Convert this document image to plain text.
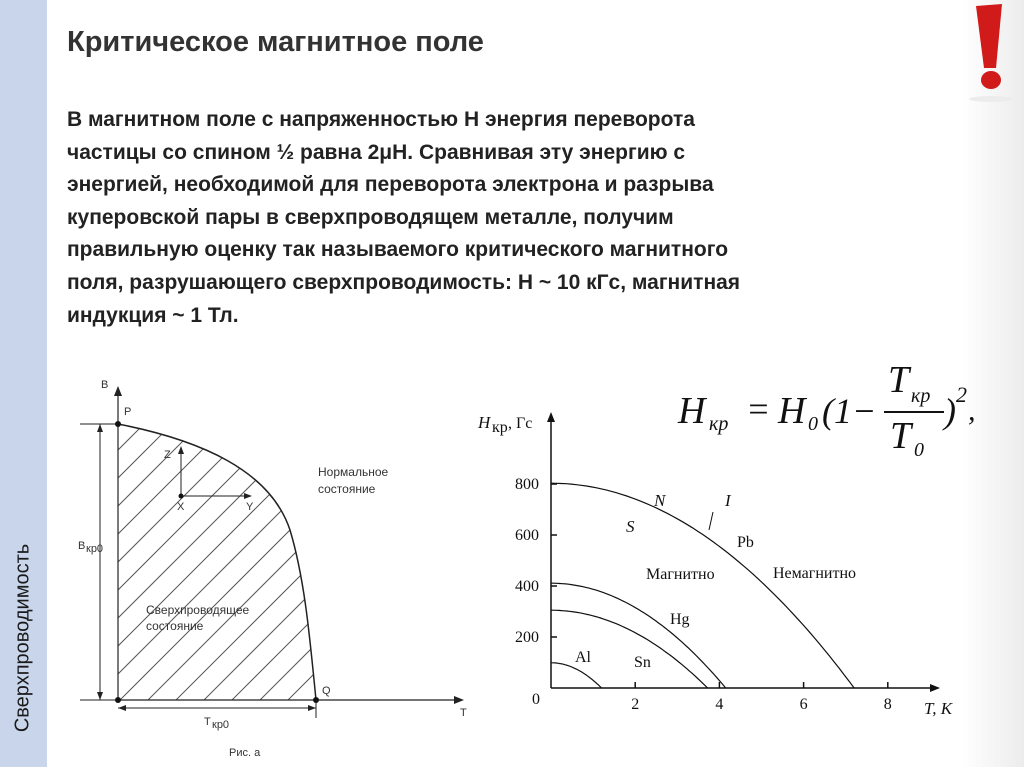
Сверхпроводимость
Критическое магнитное поле
В магнитном поле с напряженностью Н энергия переворота
частицы со спином ½ равна 2μН. Сравнивая эту энергию с
энергией, необходимой для переворота электрона и разрыва
куперовской пары в сверхпроводящем металле, получим
правильную оценку так называемого критического магнитного
поля, разрушающего сверхпроводимость: Н ~ 10 кГс, магнитная
индукция ~ 1 Тл.
H кр = H 0 (1−
T кр
T 0
) 2 ,
B
P
Q
T
B кр0
T кр0
Z
X	Y
Нормальное
состояние
Сверхпроводящее
состояние
Рис. а
2	4	6	8
200
400
600
800
Pb
Hg
Sn
Al
H кр , Гс
T, K
0
N	I
S
Магнитно	Немагнитно
